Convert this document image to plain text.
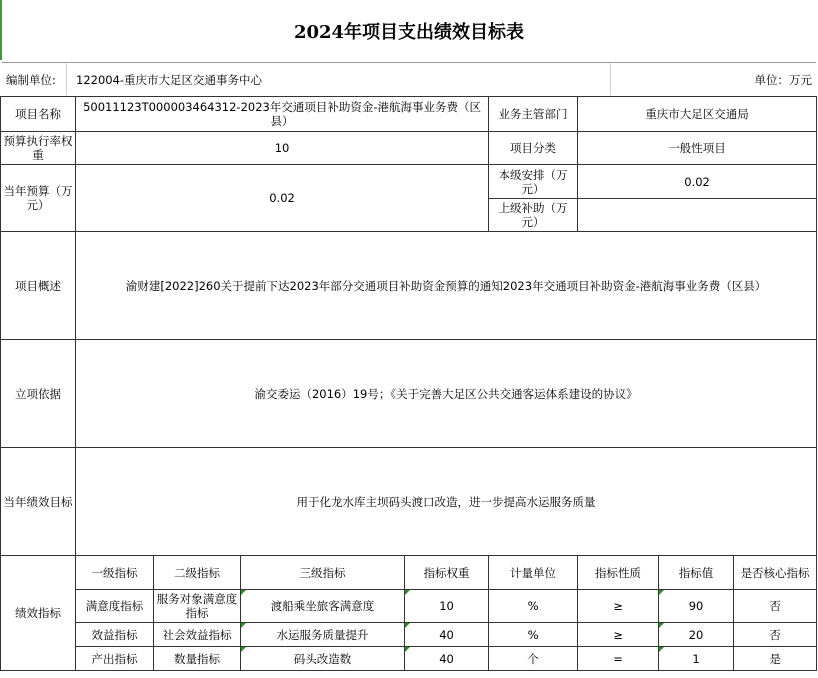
2024年项目支出绩效目标表
编制单位: 122004-重庆市大足区交通事务中心	单位：万元
项目名称	50011123T000003464312-2023年交通项目补助资金-港航海事业务费（区县）				业务主管部门	重庆市大足区交通局		
预算执行率权重	10				项目分类	一般性项目		
当年预算（万元）	0.02				本级安排（万元）	0.02		
					上级补助（万元）			
项目概述	渝财建[2022]260关于提前下达2023年部分交通项目补助资金预算的通知2023年交通项目补助资金-港航海事业务费（区县）							
立项依据	渝交委运（2016）19号；《关于完善大足区公共交通客运体系建设的协议》							
当年绩效目标	用于化龙水库主坝码头渡口改造，进一步提高水运服务质量							
绩效指标	一级指标	二级指标	三级指标	指标权重	计量单位	指标性质	指标值	是否核心指标
	满意度指标	服务对象满意度指标	渡船乘坐旅客满意度	10	%	≥	90	否
	效益指标	社会效益指标	水运服务质量提升	40	%	≥	20	否
	产出指标	数量指标	码头改造数	40	个	=	1	是
